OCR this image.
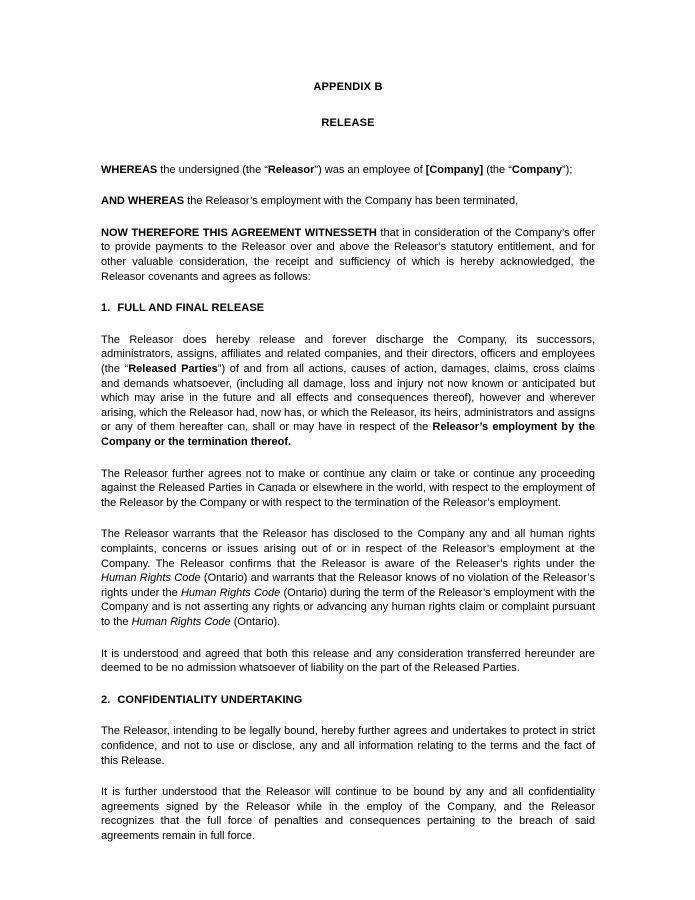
APPENDIX B
RELEASE

WHEREAS the undersigned (the “Releasor”) was an employee of [Company] (the “Company”);

AND WHEREAS the Releasor’s employment with the Company has been terminated,

NOW THEREFORE THIS AGREEMENT WITNESSETH that in consideration of the Company’s offer to provide payments to the Releasor over and above the Releasor’s statutory entitlement, and for other valuable consideration, the receipt and sufficiency of which is hereby acknowledged, the Releasor covenants and agrees as follows:

1. FULL AND FINAL RELEASE

The Releasor does hereby release and forever discharge the Company, its successors, administrators, assigns, affiliates and related companies, and their directors, officers and employees (the “Released Parties”) of and from all actions, causes of action, damages, claims, cross claims and demands whatsoever, (including all damage, loss and injury not now known or anticipated but which may arise in the future and all effects and consequences thereof), however and wherever arising, which the Releasor had, now has, or which the Releasor, its heirs, administrators and assigns or any of them hereafter can, shall or may have in respect of the Releasor’s employment by the Company or the termination thereof.

The Releasor further agrees not to make or continue any claim or take or continue any proceeding against the Released Parties in Canada or elsewhere in the world, with respect to the employment of the Releasor by the Company or with respect to the termination of the Releasor’s employment.

The Releasor warrants that the Releasor has disclosed to the Company any and all human rights complaints, concerns or issues arising out of or in respect of the Releasor’s employment at the Company. The Releasor confirms that the Releasor is aware of the Releaser’s rights under the Human Rights Code (Ontario) and warrants that the Releasor knows of no violation of the Releasor’s rights under the Human Rights Code (Ontario) during the term of the Releasor’s employment with the Company and is not asserting any rights or advancing any human rights claim or complaint pursuant to the Human Rights Code (Ontario).

It is understood and agreed that both this release and any consideration transferred hereunder are deemed to be no admission whatsoever of liability on the part of the Released Parties.

2. CONFIDENTIALITY UNDERTAKING

The Releasor, intending to be legally bound, hereby further agrees and undertakes to protect in strict confidence, and not to use or disclose, any and all information relating to the terms and the fact of this Release.

It is further understood that the Releasor will continue to be bound by any and all confidentiality agreements signed by the Releasor while in the employ of the Company, and the Releasor recognizes that the full force of penalties and consequences pertaining to the breach of said agreements remain in full force.
